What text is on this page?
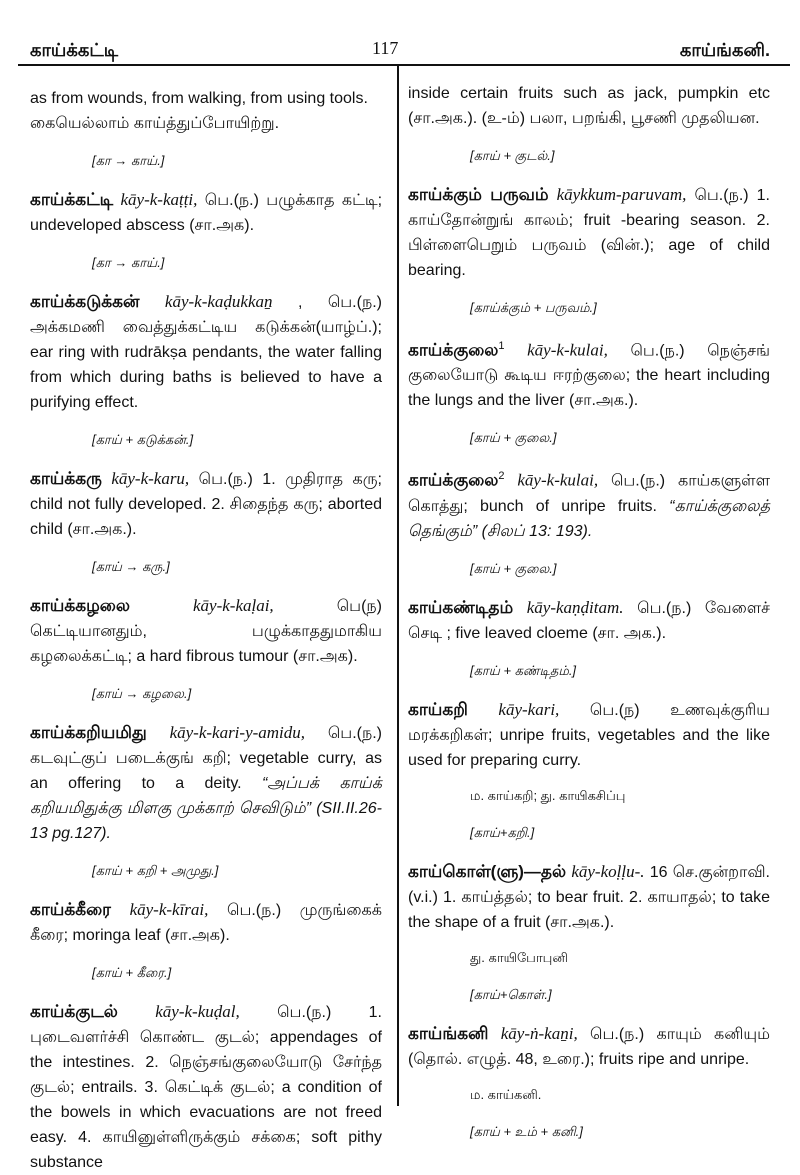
காய்க்கட்டி	117	காய்ங்கனி.
as from wounds, from walking, from using tools.
கையெல்லாம் காய்த்துப்போயிற்று.
[கா → காய்.]
காய்க்கட்டி kāy-k-kaṭṭi, பெ.(ந.) பழுக்காத கட்டி; undeveloped abscess (சா.அக).
[கா → காய்.]
காய்க்கடுக்கன் kāy-k-kaḍukkaṉ , பெ.(ந.) அக்கமணி வைத்துக்கட்டிய கடுக்கன்(யாழ்ப்.); ear ring with rudrākṣa pendants, the water falling from which during baths is believed to have a purifying effect.
[காய் + கடுக்கன்.]
காய்க்கரு kāy-k-karu, பெ.(ந.) 1. முதிராத கரு; child not fully developed. 2. சிதைந்த கரு; aborted child (சா.அக.).
[காய் → கரு.]
காய்க்கழலை	kāy-k-kaḷai,	பெ(ந) கெட்டியானதும், பழுக்காததுமாகிய கழலைக்கட்டி; a hard fibrous tumour (சா.அக).
[காய் → கழலை.]
காய்க்கறியமிது kāy-k-kari-y-amidu, பெ.(ந.) கடவுட்குப் படைக்குங் கறி; vegetable curry, as an offering to a deity. “அப்பக் காய்க் கறியமிதுக்கு மிளகு முக்காற் செவிடும்” (SII.II.26-13 pg.127).
[காய் + கறி + அமுது.]
காய்க்கீரை kāy-k-kīrai, பெ.(ந.) முருங்கைக் கீரை; moringa leaf (சா.அக).
[காய் + கீரை.]
காய்க்குடல் kāy-k-kuḍal, பெ.(ந.) 1. புடைவளர்ச்சி கொண்ட குடல்; appendages of the intestines. 2. நெஞ்சங்குலையோடு சேர்ந்த குடல்; entrails. 3. கெட்டிக் குடல்; a condition of the bowels in which evacuations are not freed easy. 4. காயினுள்ளிருக்கும் சக்கை; soft pithy substance
inside certain fruits such as jack, pumpkin etc (சா.அக.). (உ-ம்) பலா, பறங்கி, பூசணி முதலியன.
[காய் + குடல்.]
காய்க்கும் பருவம் kāykkum-paruvam, பெ.(ந.) 1. காய்தோன்றுங் காலம்; fruit -bearing season. 2. பிள்ளைபெறும் பருவம் (வின்.); age of child bearing.
[காய்க்கும் + பருவம்.]
காய்க்குலை$^1$ kāy-k-kulai, பெ.(ந.) நெஞ்சங் குலையோடு கூடிய ஈரற்குலை; the heart including the lungs and the liver (சா.அக.).
[காய் + குலை.]
காய்க்குலை$^2$ kāy-k-kulai, பெ.(ந.) காய்களுள்ள கொத்து; bunch of unripe fruits. “காய்க்குலைத் தெங்கும்” (சிலப் 13: 193).
[காய் + குலை.]
காய்கண்டிதம் kāy-kaṇḍitam. பெ.(ந.) வேளைச் செடி ; five leaved cloeme (சா. அக.).
[காய் + கண்டிதம்.]
காய்கறி kāy-kari, பெ.(ந) உணவுக்குரிய மரக்கறிகள்; unripe fruits, vegetables and the like used for preparing curry.
ம. காய்கறி; து. காயிகசிப்பு
[காய்+கறி.]
காய்கொள்(ளு)—தல் kāy-koḷḷu-. 16 செ.குன்றாவி. (v.i.) 1. காய்த்தல்; to bear fruit. 2. காயாதல்; to take the shape of a fruit (சா.அக.).
து. காயிபோபுனி
[காய்+கொள்.]
காய்ங்கனி kāy-ṅ-kaṉi, பெ.(ந.) காயும் கனியும் (தொல். எழுத். 48, உரை.); fruits ripe and unripe.
ம. காய்கனி.
[காய் + உம் + கனி.]
